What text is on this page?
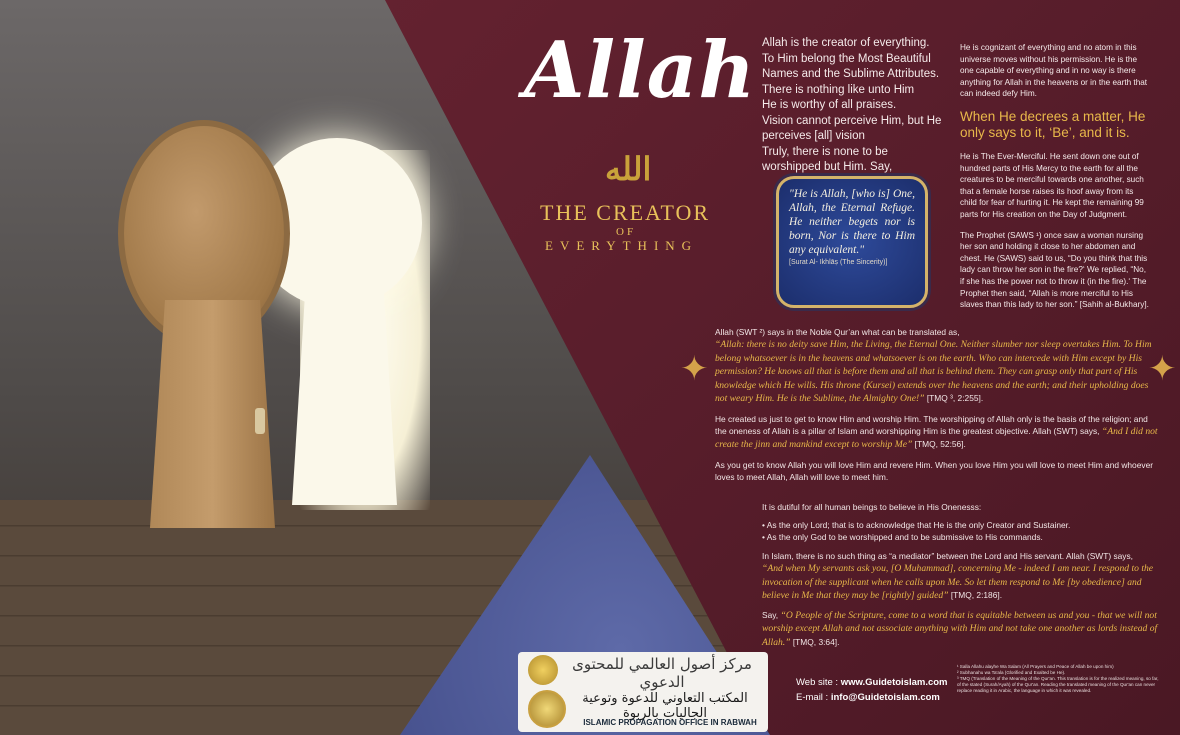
Allah
الله
THE CREATOR
OF
EVERYTHING

Allah is the creator of everything.

To Him belong the Most Beautiful Names and the Sublime Attributes.

There is nothing like unto Him

He is worthy of all praises.

Vision cannot perceive Him, but He perceives [all] vision

Truly, there is none to be worshipped but Him. Say,

He is cognizant of everything and no atom in this universe moves without his permission. He is the one capable of everything and in no way is there anything for Allah in the heavens or in the earth that can indeed defy Him.

When He decrees a matter, He only says to it, ‘Be’, and it is.

He is The Ever-Merciful. He sent down one out of hundred parts of His Mercy to the earth for all the creatures to be merciful towards one another, such that a female horse raises its hoof away from its child for fear of hurting it. He kept the remaining 99 parts for His creation on the Day of Judgment.

The Prophet (SAWS ¹) once saw a woman nursing her son and holding it close to her abdomen and chest. He (SAWS) said to us, “Do you think that this lady can throw her son in the fire?‘ We replied, “No, if she has the power not to throw it (in the fire).‘ The Prophet then said, “Allah is more merciful to His slaves than this lady to her son.” [Sahih al-Bukhary].

"He is Allah, [who is] One, Allah, the Eternal Refuge. He neither begets nor is born, Nor is there to Him any equivalent."
[Surat Al- Ikhlāṣ (The Sincerity)]
✦	✦

Allah (SWT ²) says in the Noble Qur’an what can be translated as,
“Allah: there is no deity save Him, the Living, the Eternal One. Neither slumber nor sleep overtakes Him. To Him belong whatsoever is in the heavens and whatsoever is on the earth. Who can intercede with Him except by His permission? He knows all that is before them and all that is behind them. They can grasp only that part of His knowledge which He wills. His throne (Kursei) extends over the heavens and the earth; and their upholding does not weary Him. He is the Sublime, the Almighty One!” [TMQ ³, 2:255].

He created us just to get to know Him and worship Him. The worshipping of Allah only is the basis of the religion; and the oneness of Allah is a pillar of Islam and worshipping Him is the greatest objective. Allah (SWT) says, “And I did not create the jinn and mankind except to worship Me” [TMQ, 52:56].

As you get to know Allah you will love Him and revere Him. When you love Him you will love to meet Him and whoever loves to meet Allah, Allah will love to meet him.

It is dutiful for all human beings to believe in His Onenesss:

• As the only Lord; that is to acknowledge that He is the only Creator and Sustainer.
• As the only God to be worshipped and to be submissive to His commands.

In Islam, there is no such thing as “a mediator” between the Lord and His servant. Allah (SWT) says,
“And when My servants ask you, [O Muhammad], concerning Me - indeed I am near. I respond to the invocation of the supplicant when he calls upon Me. So let them respond to Me [by obedience] and believe in Me that they may be [rightly] guided” [TMQ, 2:186].

Say, “O People of the Scripture, come to a word that is equitable between us and you - that we will not worship except Allah and not associate anything with Him and not take one another as lords instead of Allah.” [TMQ, 3:64].

مركز أصول العالمي للمحتوى الدعوي
المكتب التعاوني للدعوة وتوعية الجاليات بالربوة
ISLAMIC PROPAGATION OFFICE IN RABWAH
Web site : www.Guidetoislam.com
E-mail : info@Guidetoislam.com

¹ Salla Allahu alayhe Wa Salam (All Prayers and Peace of Allah be upon him)

² Subhanahu wa Ta'ala (Glorified and Exalted be He).

³ TMQ (Translation of the Meaning of the Qur'an. This translation is for the realized meaning, so far, of the stated (Surah/Ayah) of the Qur'an. Reading the translated meaning of the Qur'an can never replace reading it in Arabic, the language in which it was revealed.
